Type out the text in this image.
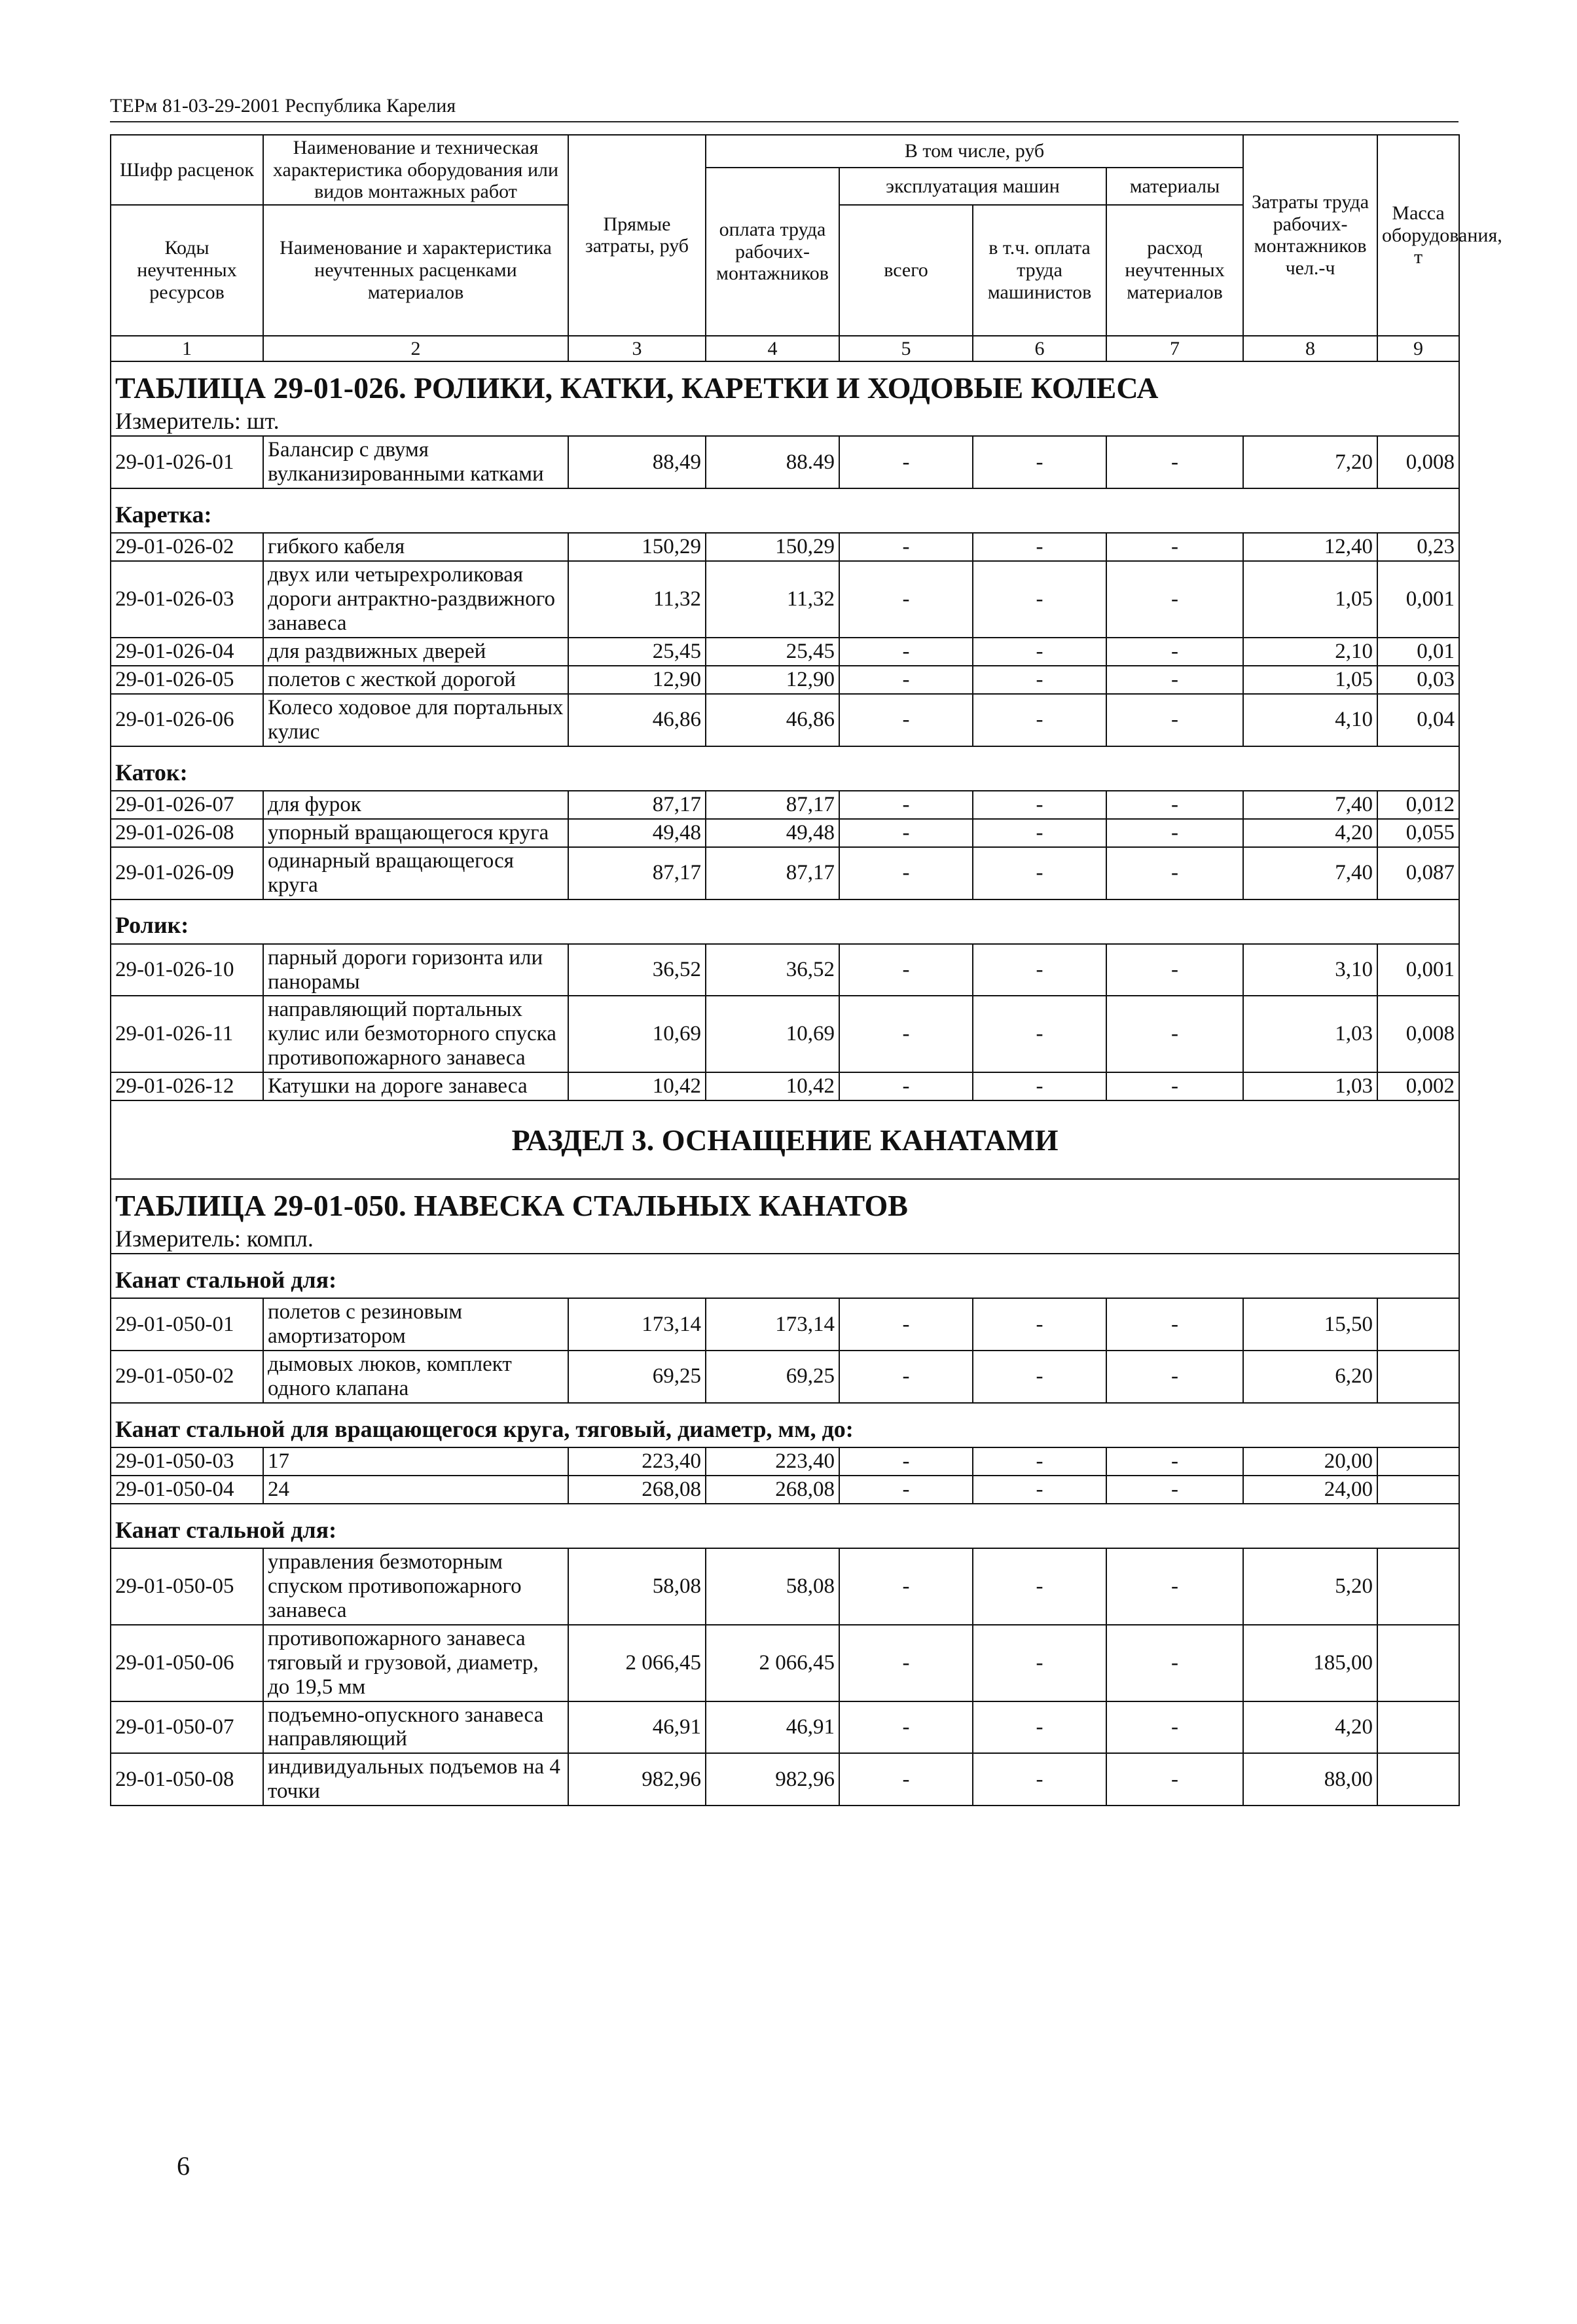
ТЕРм 81-03-29-2001 Республика Карелия
Шифр расценок	Наименование и техническая характеристика оборудования или видов монтажных работ	Прямые затраты, руб	В том числе, руб				Затраты труда рабочих-монтажников чел.-ч	Масса оборудования, т
			оплата труда рабочих-монтажников	эксплуатация машин		материалы		
Коды неучтенных ресурсов	Наименование и характеристика неучтенных расценками материалов			всего	в т.ч. оплата труда машинистов	расход неучтенных материалов		

1	2	3	4	5	6	7	8	9
ТАБЛИЦА 29-01-026. РОЛИКИ, КАТКИ, КАРЕТКИ И ХОДОВЫЕ КОЛЕСА								
Измеритель: шт.								
29-01-026-01	Балансир с двумя вулканизированными катками	88,49	88.49	-	-	-	7,20	0,008
Каретка:								
29-01-026-02	гибкого кабеля	150,29	150,29	-	-	-	12,40	0,23
29-01-026-03	двух или четырехроликовая дороги антрактно-раздвижного занавеса	11,32	11,32	-	-	-	1,05	0,001
29-01-026-04	для раздвижных дверей	25,45	25,45	-	-	-	2,10	0,01
29-01-026-05	полетов с жесткой дорогой	12,90	12,90	-	-	-	1,05	0,03
29-01-026-06	Колесо ходовое для портальных кулис	46,86	46,86	-	-	-	4,10	0,04
Каток:								
29-01-026-07	для фурок	87,17	87,17	-	-	-	7,40	0,012
29-01-026-08	упорный вращающегося круга	49,48	49,48	-	-	-	4,20	0,055
29-01-026-09	одинарный вращающегося круга	87,17	87,17	-	-	-	7,40	0,087
Ролик:								
29-01-026-10	парный дороги горизонта или панорамы	36,52	36,52	-	-	-	3,10	0,001
29-01-026-11	направляющий портальных кулис или безмоторного спуска противопожарного занавеса	10,69	10,69	-	-	-	1,03	0,008
29-01-026-12	Катушки на дороге занавеса	10,42	10,42	-	-	-	1,03	0,002
РАЗДЕЛ 3. ОСНАЩЕНИЕ КАНАТАМИ								
ТАБЛИЦА 29-01-050. НАВЕСКА СТАЛЬНЫХ КАНАТОВ								
Измеритель: компл.								
Канат стальной для:								
29-01-050-01	полетов с резиновым амортизатором	173,14	173,14	-	-	-	15,50	
29-01-050-02	дымовых люков, комплект одного клапана	69,25	69,25	-	-	-	6,20	
Канат стальной для вращающегося круга, тяговый, диаметр, мм, до:								
29-01-050-03	17	223,40	223,40	-	-	-	20,00	
29-01-050-04	24	268,08	268,08	-	-	-	24,00	
Канат стальной для:								
29-01-050-05	управления безмоторным спуском противопожарного занавеса	58,08	58,08	-	-	-	5,20	
29-01-050-06	противопожарного занавеса тяговый и грузовой, диаметр, до 19,5 мм	2 066,45	2 066,45	-	-	-	185,00	
29-01-050-07	подъемно-опускного занавеса направляющий	46,91	46,91	-	-	-	4,20	
29-01-050-08	индивидуальных подъемов на 4 точки	982,96	982,96	-	-	-	88,00	
6
